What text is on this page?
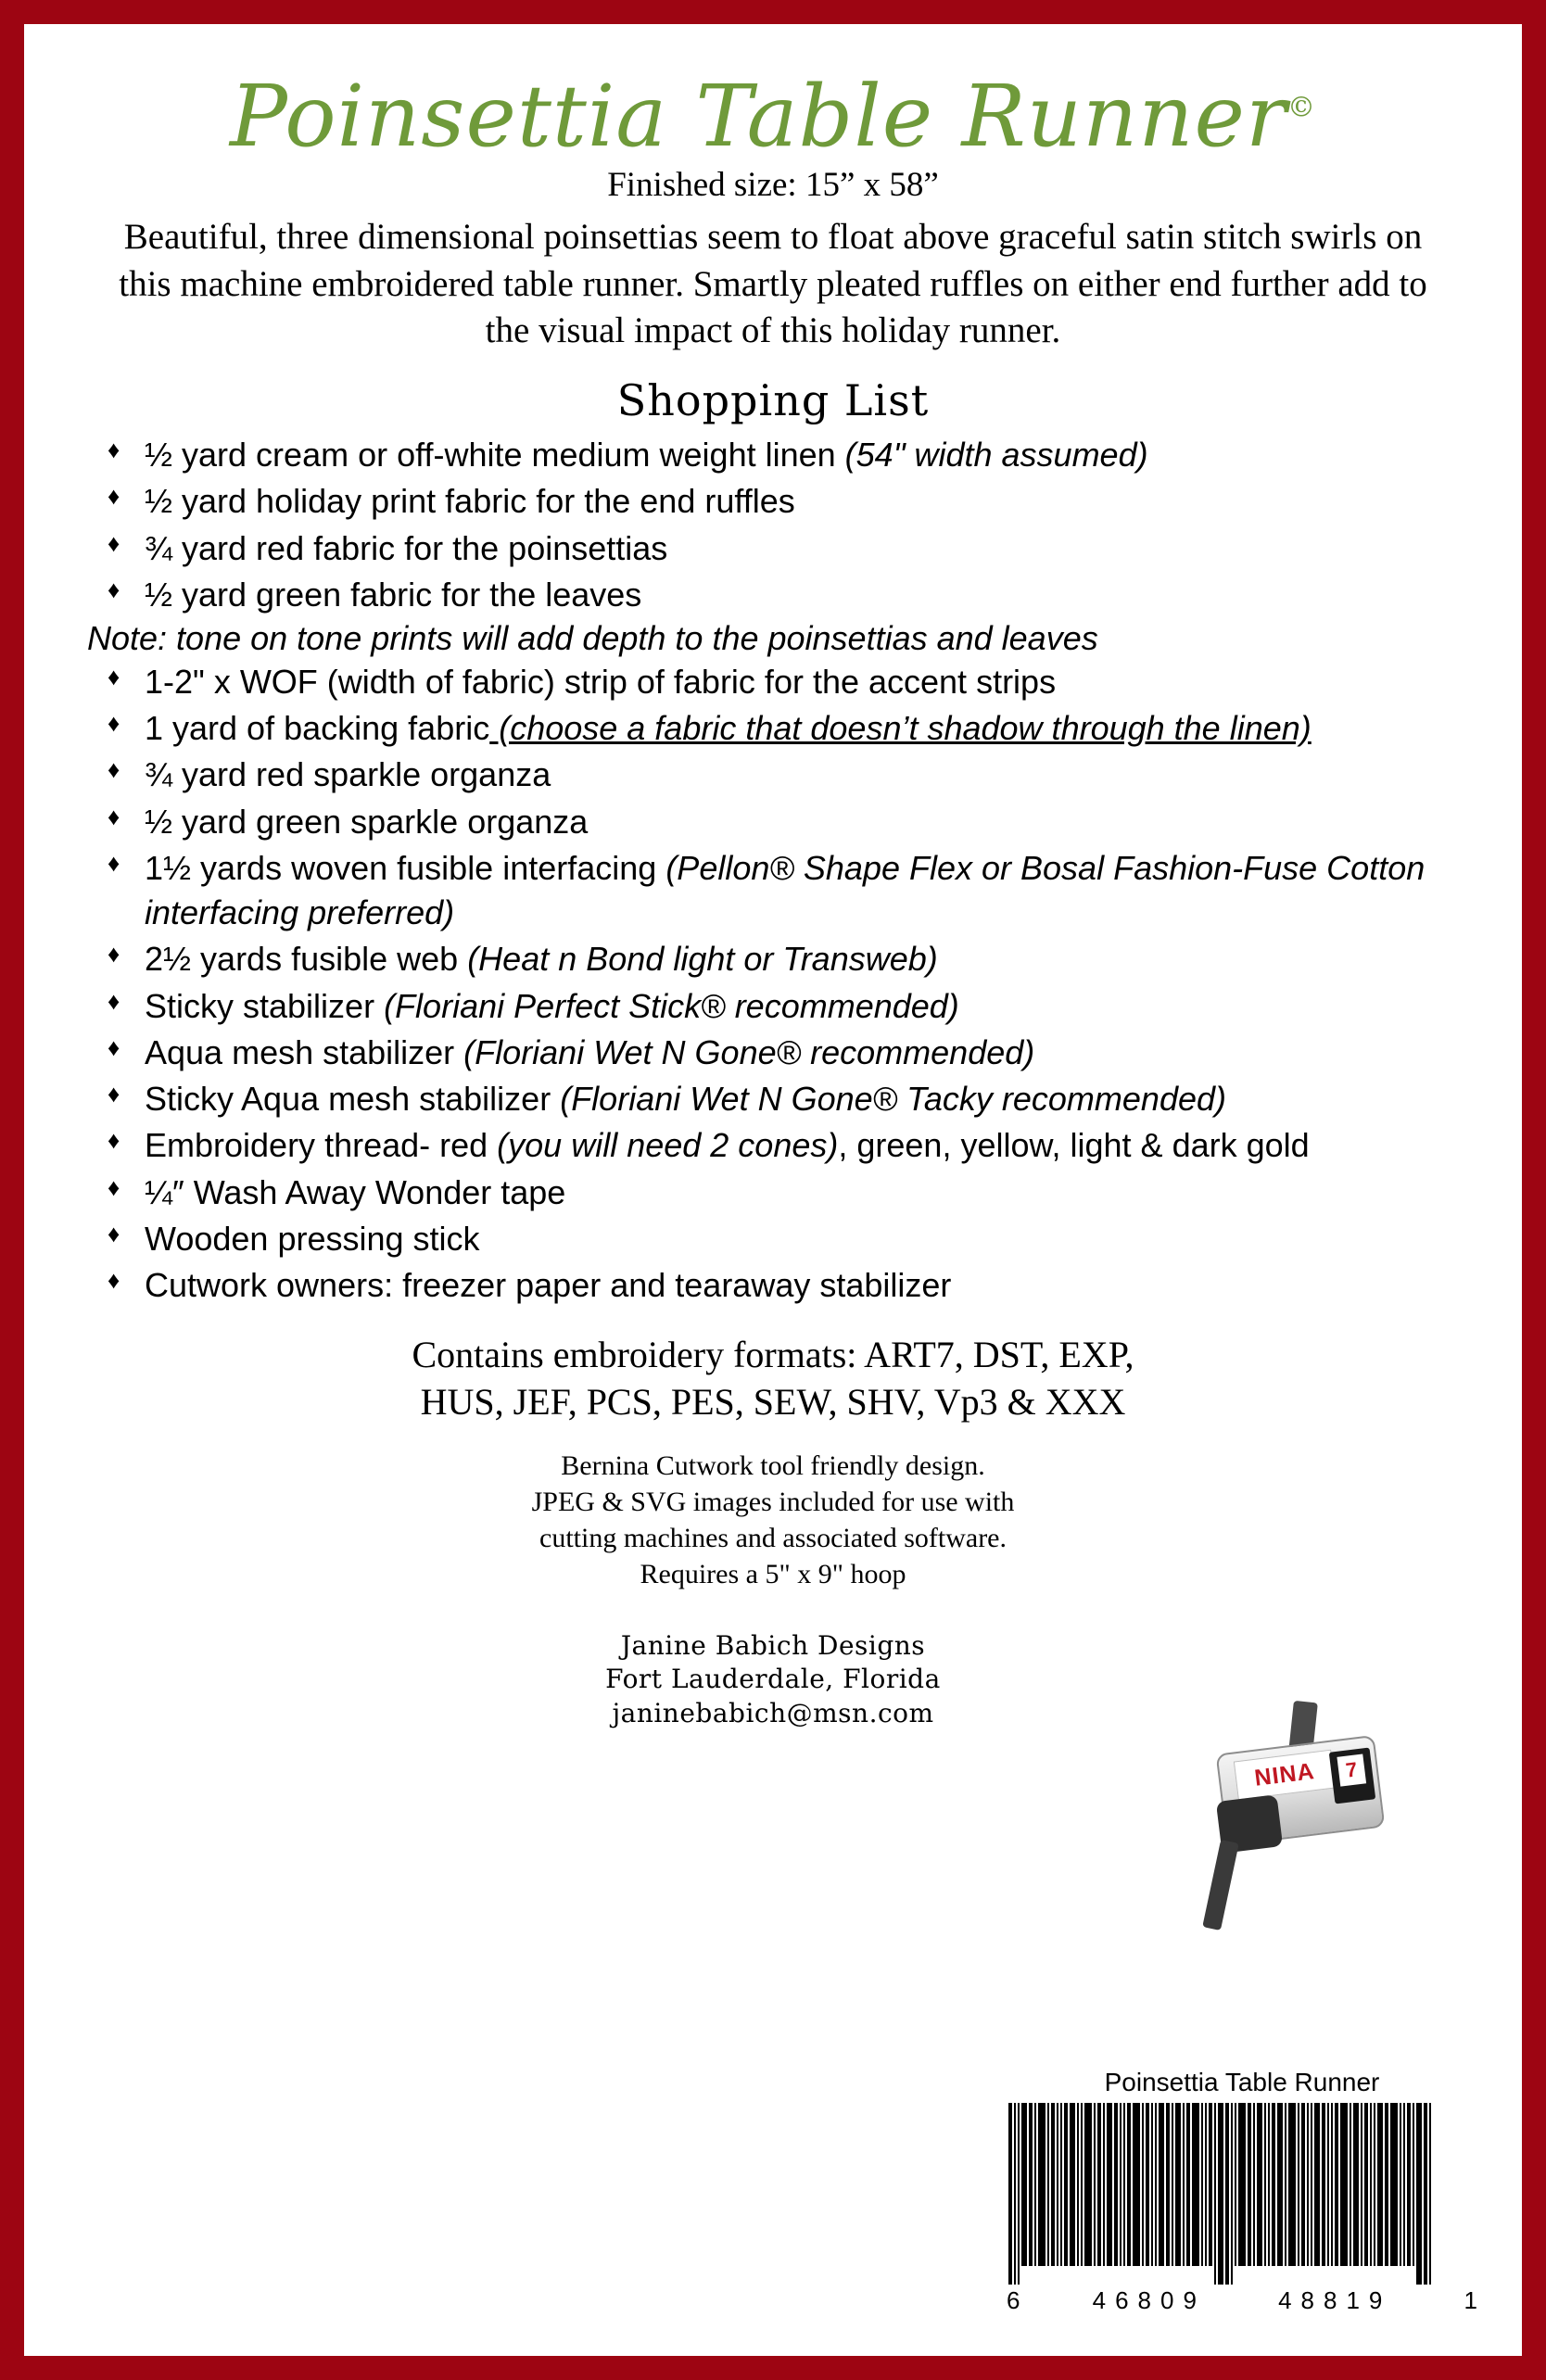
Poinsettia Table Runner©
Finished size: 15” x 58”
Beautiful, three dimensional poinsettias seem to float above graceful satin stitch swirls on this machine embroidered table runner. Smartly pleated ruffles on either end further add to the visual impact of this holiday runner.
Shopping List
♦ ½ yard cream or off-white medium weight linen (54" width assumed)
♦ ½ yard holiday print fabric for the end ruffles
♦ ¾ yard red fabric for the poinsettias
♦ ½ yard green fabric for the leaves
Note: tone on tone prints will add depth to the poinsettias and leaves
♦ 1-2" x WOF (width of fabric) strip of fabric for the accent strips
♦ 1 yard of backing fabric (choose a fabric that doesn’t shadow through the linen)
♦ ¾ yard red sparkle organza
♦ ½ yard green sparkle organza
♦ 1½ yards woven fusible interfacing (Pellon® Shape Flex or Bosal Fashion-Fuse Cotton interfacing preferred)
♦ 2½ yards fusible web (Heat n Bond light or Transweb)
♦ Sticky stabilizer (Floriani Perfect Stick® recommended)
♦ Aqua mesh stabilizer (Floriani Wet N Gone® recommended)
♦ Sticky Aqua mesh stabilizer (Floriani Wet N Gone® Tacky recommended)
♦ Embroidery thread- red (you will need 2 cones), green, yellow, light & dark gold
♦ ¼″ Wash Away Wonder tape
♦ Wooden pressing stick
♦ Cutwork owners: freezer paper and tearaway stabilizer
Contains embroidery formats: ART7, DST, EXP,
HUS, JEF, PCS, PES, SEW, SHV, Vp3 & XXX
Bernina Cutwork tool friendly design.
JPEG & SVG images included for use with
cutting machines and associated software.
Requires a 5" x 9" hoop
Janine Babich Designs
Fort Lauderdale, Florida
janinebabich@msn.com
NINA	7
Poinsettia Table Runner
6	46809	48819	1
